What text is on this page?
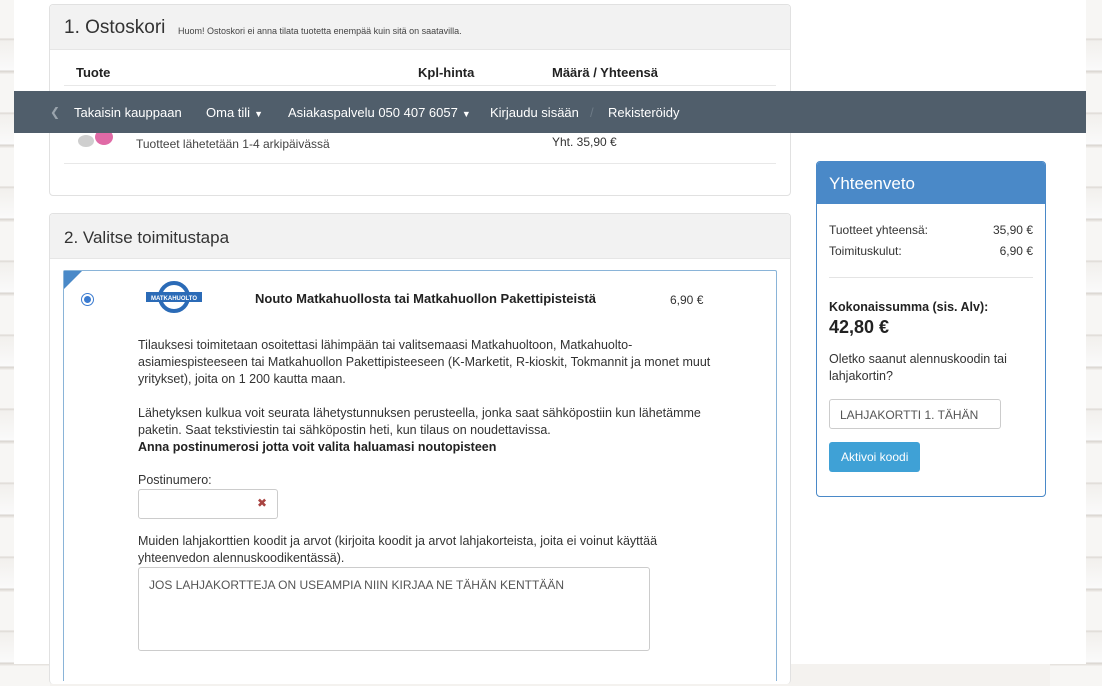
1. Ostoskori Huom! Ostoskori ei anna tilata tuotetta enempää kuin sitä on saatavilla.
Tuote	Kpl-hinta	Määrä / Yhteensä
Tuotteet lähetetään 1-4 arkipäivässä	Yht. 35,90 €
❮ Takaisin kauppaan Oma tili ▼ Asiakaspalvelu 050 407 6057 ▼ Kirjaudu sisään / Rekisteröidy
2. Valitse toimitustapa
MATKAHUOLTO	Nouto Matkahuollosta tai Matkahuollon Pakettipisteistä	6,90 €
Tilauksesi toimitetaan osoitettasi lähimpään tai valitsemaasi Matkahuoltoon, Matkahuolto-asiamiespisteeseen tai Matkahuollon Pakettipisteeseen (K-Marketit, R-kioskit, Tokmannit ja monet muut yritykset), joita on 1 200 kautta maan.
Lähetyksen kulkua voit seurata lähetystunnuksen perusteella, jonka saat sähköpostiin kun lähetämme paketin. Saat tekstiviestin tai sähköpostin heti, kun tilaus on noudettavissa.
Anna postinumerosi jotta voit valita haluamasi noutopisteen
Postinumero:
✖
Muiden lahjakorttien koodit ja arvot (kirjoita koodit ja arvot lahjakorteista, joita ei voinut käyttää yhteenvedon alennuskoodikentässä).
JOS LAHJAKORTTEJA ON USEAMPIA NIIN KIRJAA NE TÄHÄN KENTTÄÄN
Yhteenveto
Tuotteet yhteensä:	35,90 €
Toimituskulut:	6,90 €
Kokonaissumma (sis. Alv):
42,80 €
Oletko saanut alennuskoodin tai lahjakortin?
LAHJAKORTTI 1. TÄHÄN
Aktivoi koodi
